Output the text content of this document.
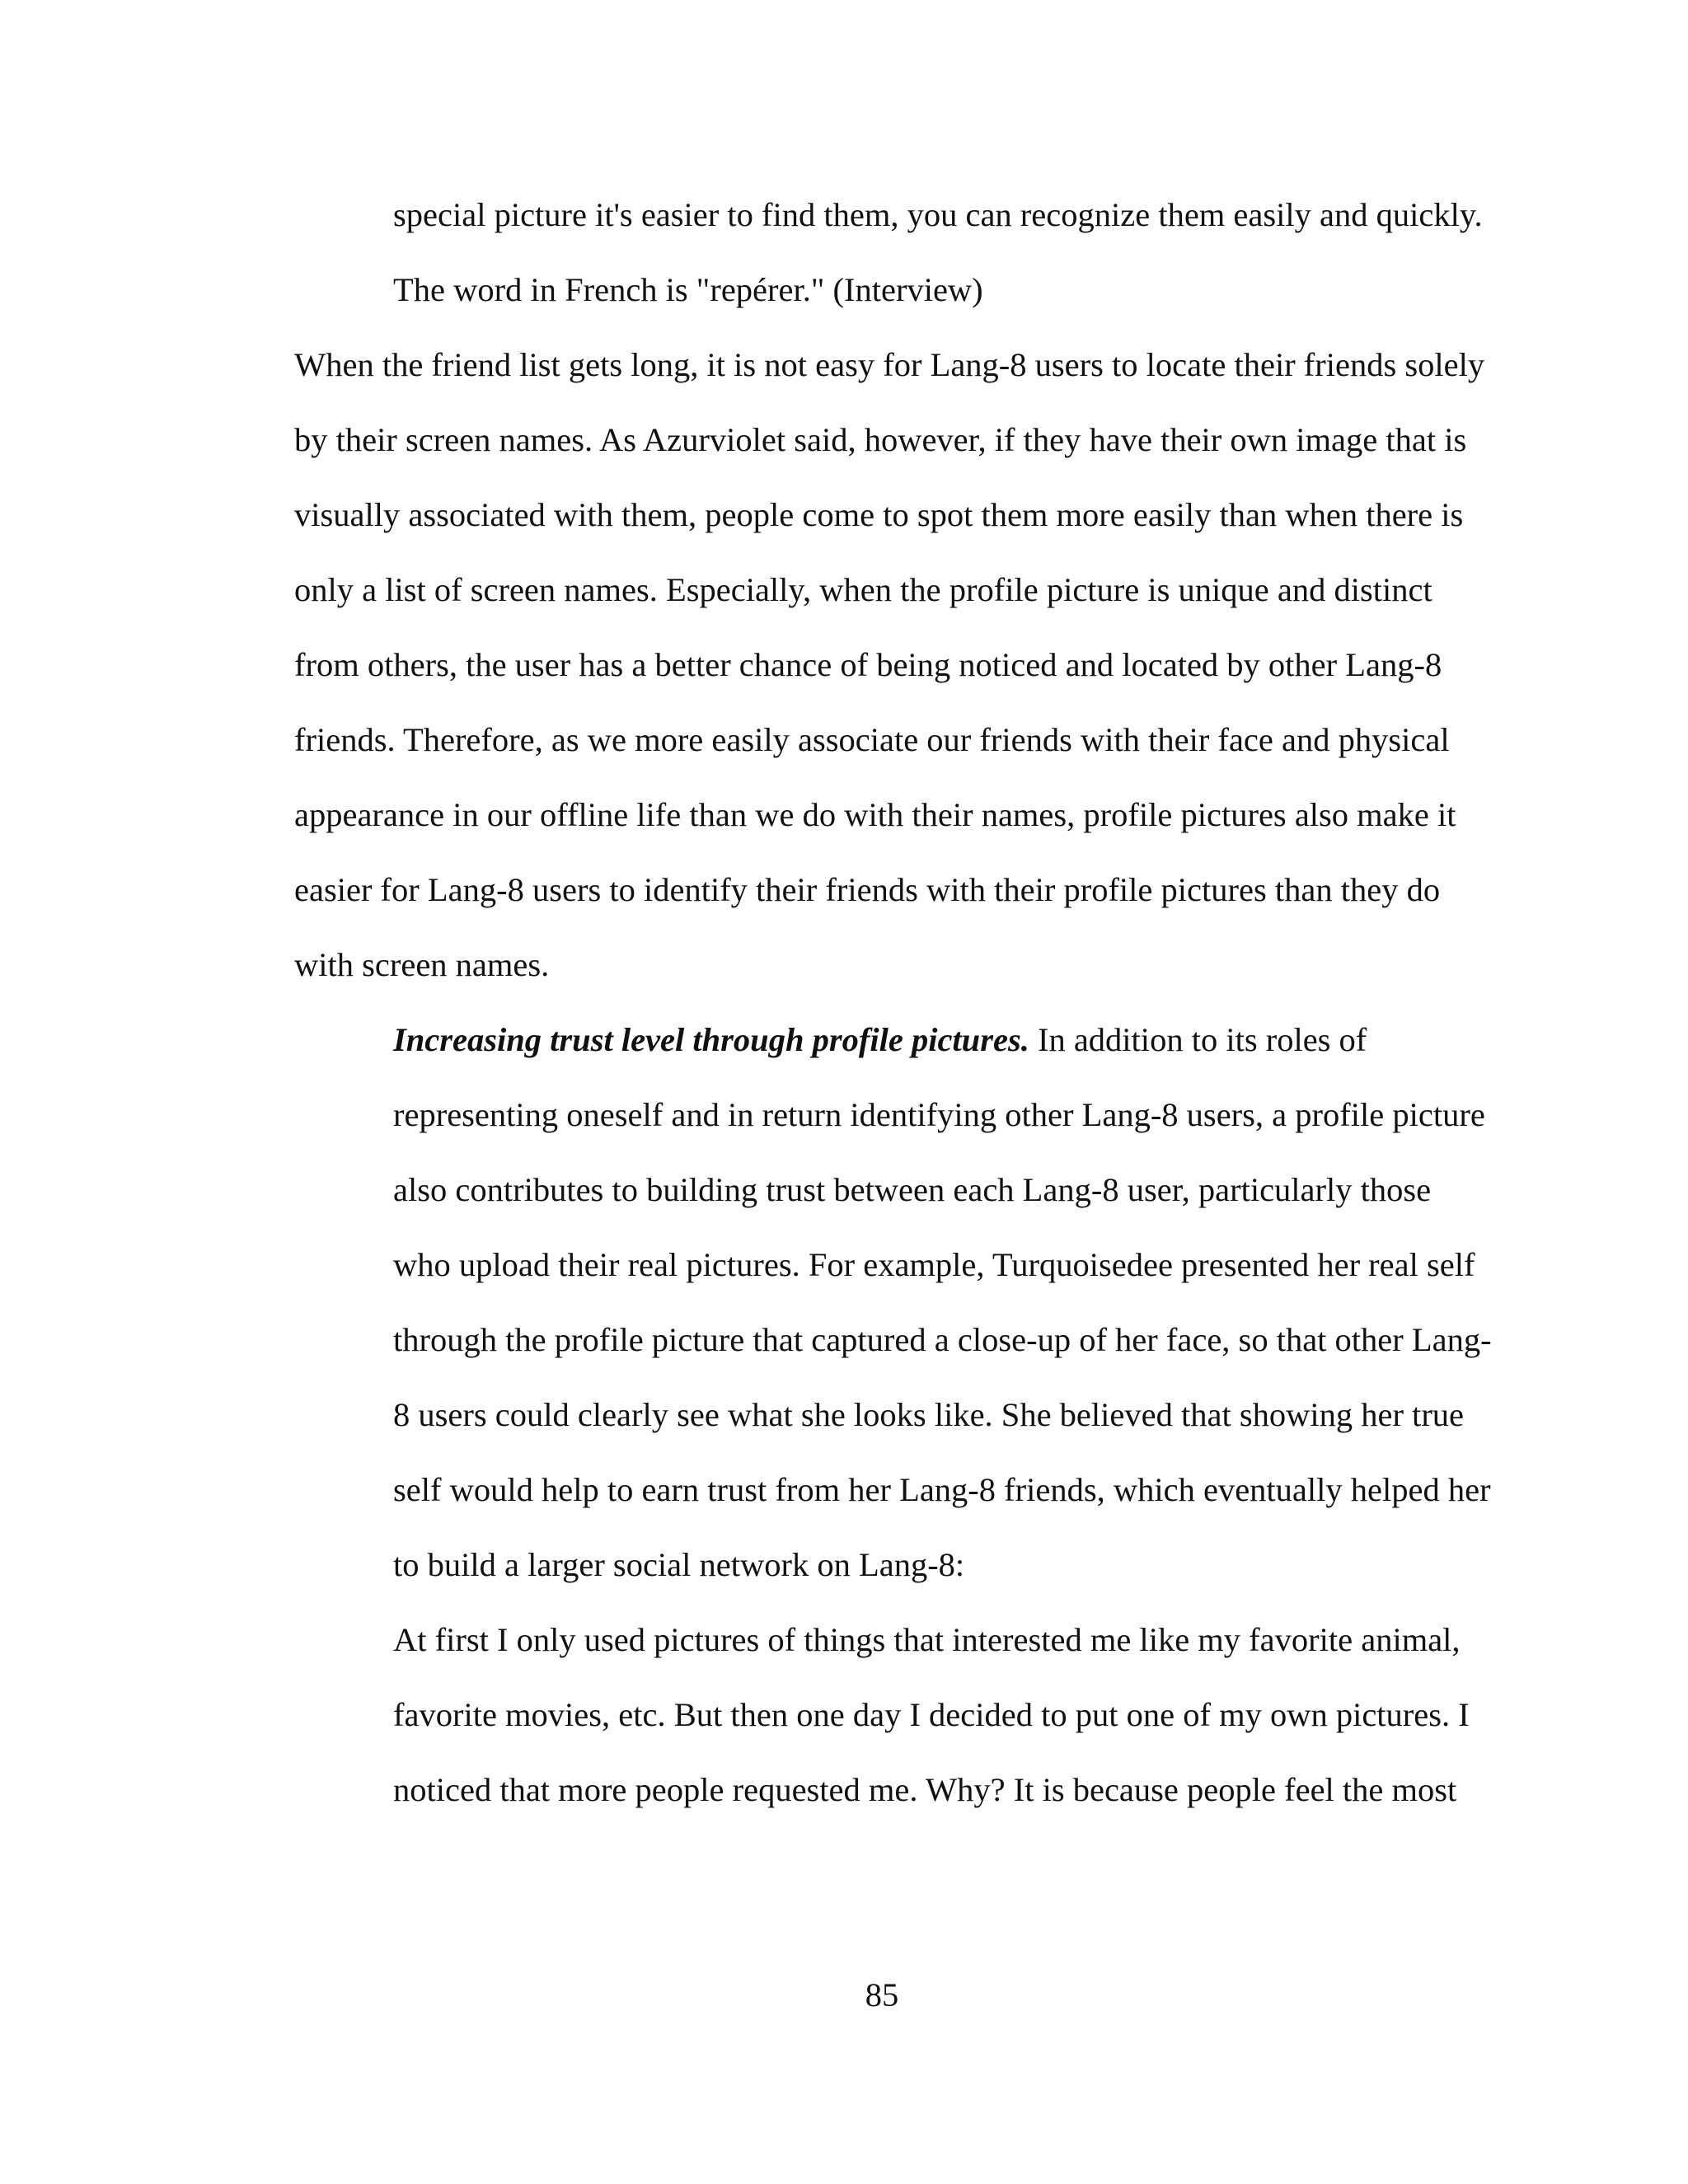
special picture it's easier to find them, you can recognize them easily and quickly.
The word in French is "repérer." (Interview)
When the friend list gets long, it is not easy for Lang-8 users to locate their friends solely
by their screen names. As Azurviolet said, however, if they have their own image that is
visually associated with them, people come to spot them more easily than when there is
only a list of screen names. Especially, when the profile picture is unique and distinct
from others, the user has a better chance of being noticed and located by other Lang-8
friends. Therefore, as we more easily associate our friends with their face and physical
appearance in our offline life than we do with their names, profile pictures also make it
easier for Lang-8 users to identify their friends with their profile pictures than they do
with screen names.
Increasing trust level through profile pictures. In addition to its roles of
representing oneself and in return identifying other Lang-8 users, a profile picture
also contributes to building trust between each Lang-8 user, particularly those
who upload their real pictures. For example, Turquoisedee presented her real self
through the profile picture that captured a close-up of her face, so that other Lang-
8 users could clearly see what she looks like. She believed that showing her true
self would help to earn trust from her Lang-8 friends, which eventually helped her
to build a larger social network on Lang-8:
At first I only used pictures of things that interested me like my favorite animal,
favorite movies, etc. But then one day I decided to put one of my own pictures. I
noticed that more people requested me. Why? It is because people feel the most
85
